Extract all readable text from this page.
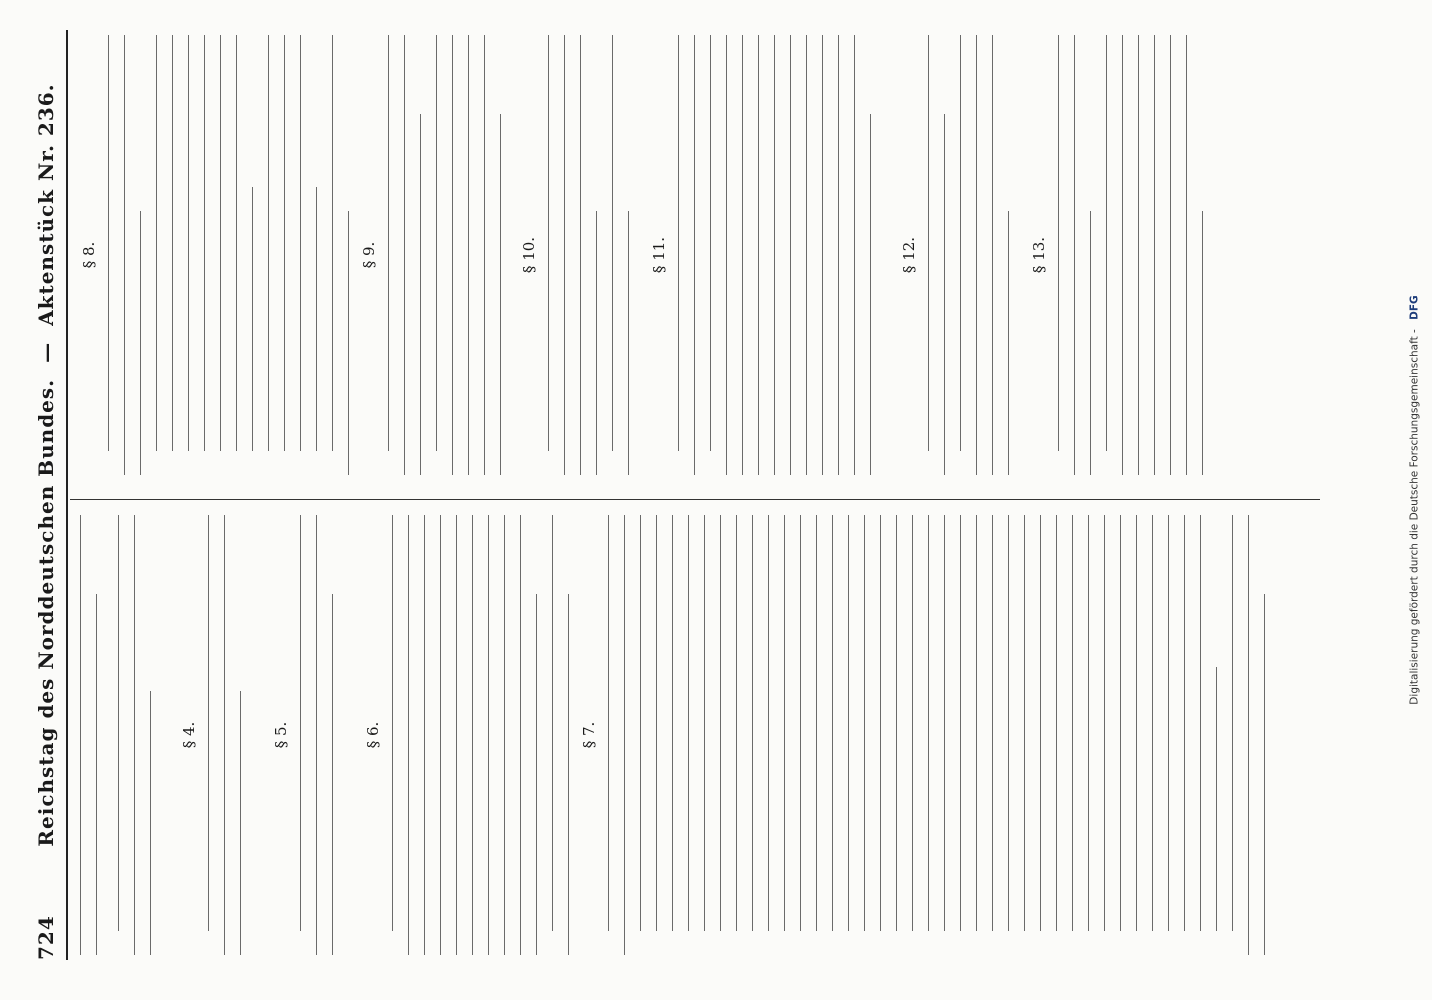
724
Reichstag des Norddeutschen Bundes. — Aktenstück Nr. 236.
§ 4.	§ 5.	§ 6.	§ 7.
§ 8.	§ 9.	§ 10.	§ 11.	§ 12.	§ 13.
Digitalisierung gefördert durch die Deutsche Forschungsgemeinschaft - DFG
